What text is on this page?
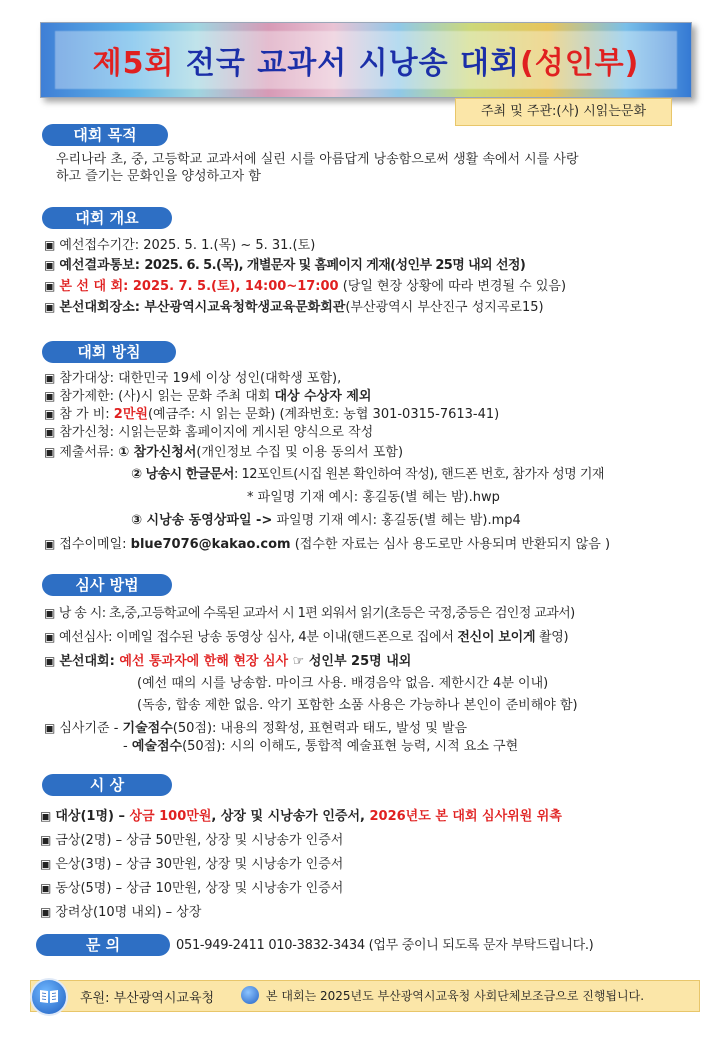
제5회 전국 교과서 시낭송 대회(성인부)
주최 및 주관:(사) 시읽는문화
대회 목적
우리나라 초, 중, 고등학교 교과서에 실린 시를 아름답게 낭송함으로써 생활 속에서 시를 사랑
하고 즐기는 문화인을 양성하고자 함
대회 개요
▣ 예선접수기간: 2025. 5. 1.(목) ~ 5. 31.(토)
▣ 예선결과통보: 2025. 6. 5.(목), 개별문자 및 홈페이지 게재(성인부 25명 내외 선정)
▣ 본 선 대 회: 2025. 7. 5.(토), 14:00~17:00 (당일 현장 상황에 따라 변경될 수 있음)
▣ 본선대회장소: 부산광역시교육청학생교육문화회관(부산광역시 부산진구 성지곡로15)
대회 방침
▣ 참가대상: 대한민국 19세 이상 성인(대학생 포함),
▣ 참가제한: (사)시 읽는 문화 주최 대회 대상 수상자 제외
▣ 참 가 비: 2만원(예금주: 시 읽는 문화) (계좌번호: 농협 301-0315-7613-41)
▣ 참가신청: 시읽는문화 홈페이지에 게시된 양식으로 작성
▣ 제출서류: ① 참가신청서(개인정보 수집 및 이용 동의서 포함)
② 낭송시 한글문서: 12포인트(시집 원본 확인하여 작성), 핸드폰 번호, 참가자 성명 기재
* 파일명 기재 예시: 홍길동(별 헤는 밤).hwp
③ 시낭송 동영상파일 -> 파일명 기재 예시: 홍길동(별 헤는 밤).mp4
▣ 접수이메일: blue7076@kakao.com (접수한 자료는 심사 용도로만 사용되며 반환되지 않음 )
심사 방법
▣ 낭 송 시: 초,중,고등학교에 수록된 교과서 시 1편 외워서 읽기(초등은 국정,중등은 검인정 교과서)
▣ 예선심사: 이메일 접수된 낭송 동영상 심사, 4분 이내(핸드폰으로 집에서 전신이 보이게 촬영)
▣ 본선대회: 예선 통과자에 한해 현장 심사 ☞ 성인부 25명 내외
(예선 때의 시를 낭송함. 마이크 사용. 배경음악 없음. 제한시간 4분 이내)
(독송, 합송 제한 없음. 악기 포함한 소품 사용은 가능하나 본인이 준비해야 함)
▣ 심사기준 - 기술점수(50점): 내용의 정확성, 표현력과 태도, 발성 및 발음
- 예술점수(50점): 시의 이해도, 통합적 예술표현 능력, 시적 요소 구현
시 상
▣ 대상(1명) – 상금 100만원, 상장 및 시낭송가 인증서, 2026년도 본 대회 심사위원 위촉
▣ 금상(2명) – 상금 50만원, 상장 및 시낭송가 인증서
▣ 은상(3명) – 상금 30만원, 상장 및 시낭송가 인증서
▣ 동상(5명) – 상금 10만원, 상장 및 시낭송가 인증서
▣ 장려상(10명 내외) – 상장
문 의	051-949-2411 010-3832-3434 (업무 중이니 되도록 문자 부탁드립니다.)
후원: 부산광역시교육청	본 대회는 2025년도 부산광역시교육청 사회단체보조금으로 진행됩니다.
